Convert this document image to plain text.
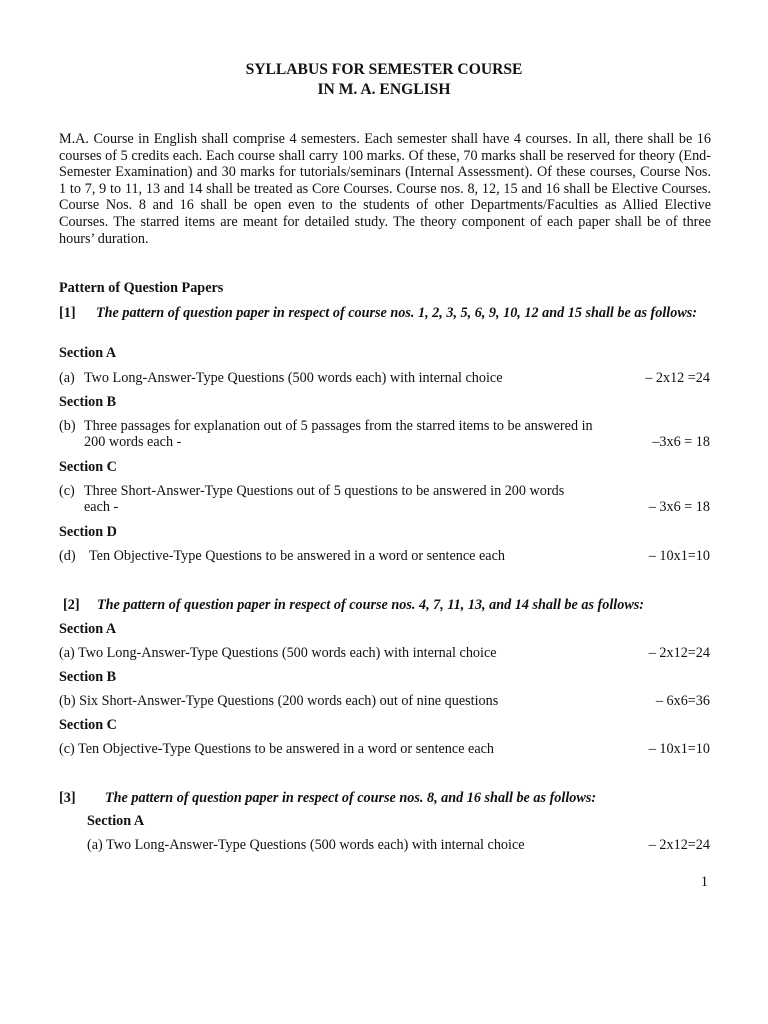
SYLLABUS FOR SEMESTER COURSE
IN M. A. ENGLISH

M.A. Course in English shall comprise 4 semesters. Each semester shall have 4 courses. In all, there shall be 16 courses of 5 credits each. Each course shall carry 100 marks. Of these, 70 marks shall be reserved for theory (End-Semester Examination) and 30 marks for tutorials/seminars (Internal Assessment). Of these courses, Course Nos. 1 to 7, 9 to 11, 13 and 14 shall be treated as Core Courses. Course nos. 8, 12, 15 and 16 shall be Elective Courses. Course Nos. 8 and 16 shall be open even to the students of other Departments/Faculties as Allied Elective Courses. The starred items are meant for detailed study. The theory component of each paper shall be of three hours’ duration.

Pattern of Question Papers
[1] The pattern of question paper in respect of course nos. 1, 2, 3, 5, 6, 9, 10, 12 and 15 shall be as follows:
Section A
(a) Two Long-Answer-Type Questions (500 words each) with internal choice	– 2x12 =24
Section B
(b) Three passages for explanation out of 5 passages from the starred items to be answered in
200 words each -	–3x6 = 18
Section C
(c) Three Short-Answer-Type Questions out of 5 questions to be answered in 200 words
each -	– 3x6 = 18
Section D
(d) Ten Objective-Type Questions to be answered in a word or sentence each	– 10x1=10
[2] The pattern of question paper in respect of course nos. 4, 7, 11, 13, and 14 shall be as follows:
Section A
(a) Two Long-Answer-Type Questions (500 words each) with internal choice	– 2x12=24
Section B
(b) Six Short-Answer-Type Questions (200 words each) out of nine questions	– 6x6=36
Section C
(c) Ten Objective-Type Questions to be answered in a word or sentence each	– 10x1=10
[3] The pattern of question paper in respect of course nos. 8, and 16 shall be as follows:
Section A
(a) Two Long-Answer-Type Questions (500 words each) with internal choice	– 2x12=24
1
